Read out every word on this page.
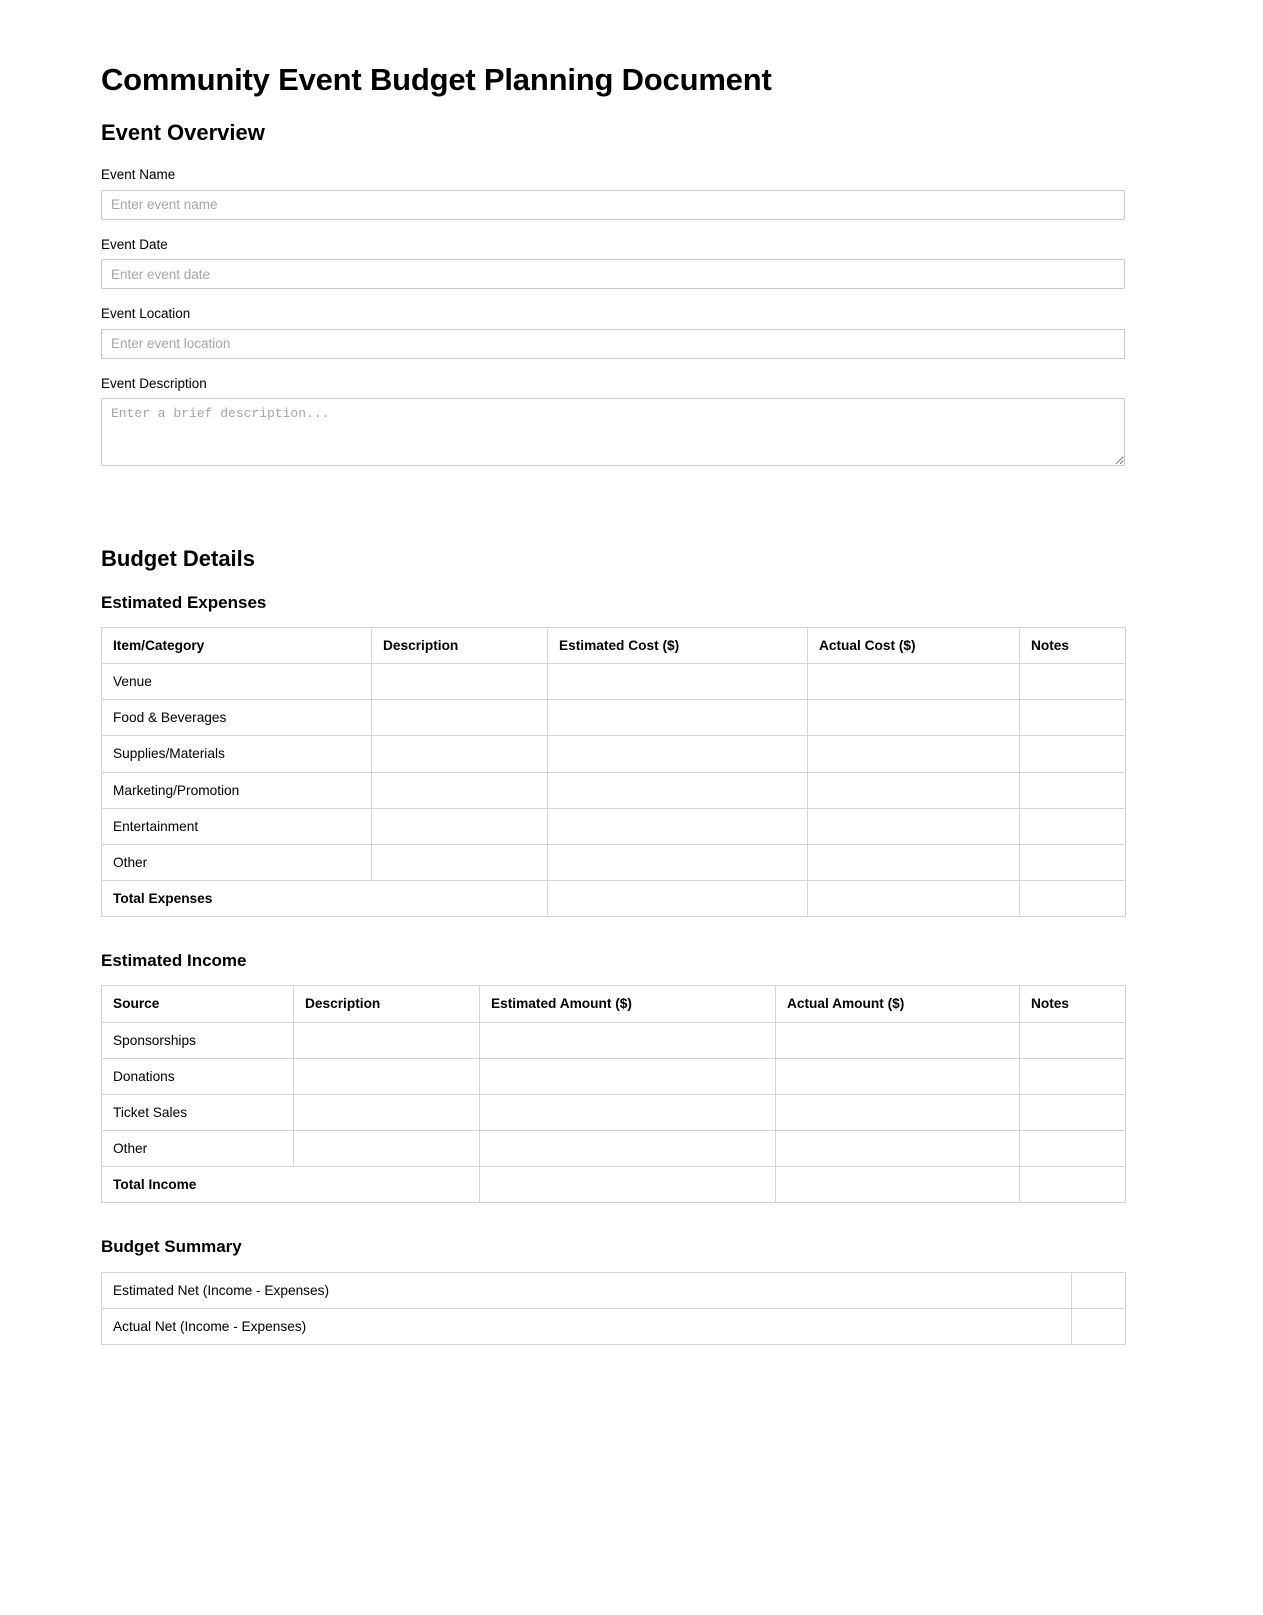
Community Event Budget Planning Document
Event Overview
Event Name
Enter event name
Event Date
Enter event date
Event Location
Enter event location
Event Description
Enter a brief description...
Budget Details
Estimated Expenses
Item/Category	Description	Estimated Cost ($)	Actual Cost ($)	Notes
Venue				
Food & Beverages				
Supplies/Materials				
Marketing/Promotion				
Entertainment				
Other				
Total Expenses				
Estimated Income
Source	Description	Estimated Amount ($)	Actual Amount ($)	Notes
Sponsorships				
Donations				
Ticket Sales				
Other				
Total Income				
Budget Summary
Estimated Net (Income - Expenses)	
Actual Net (Income - Expenses)	
